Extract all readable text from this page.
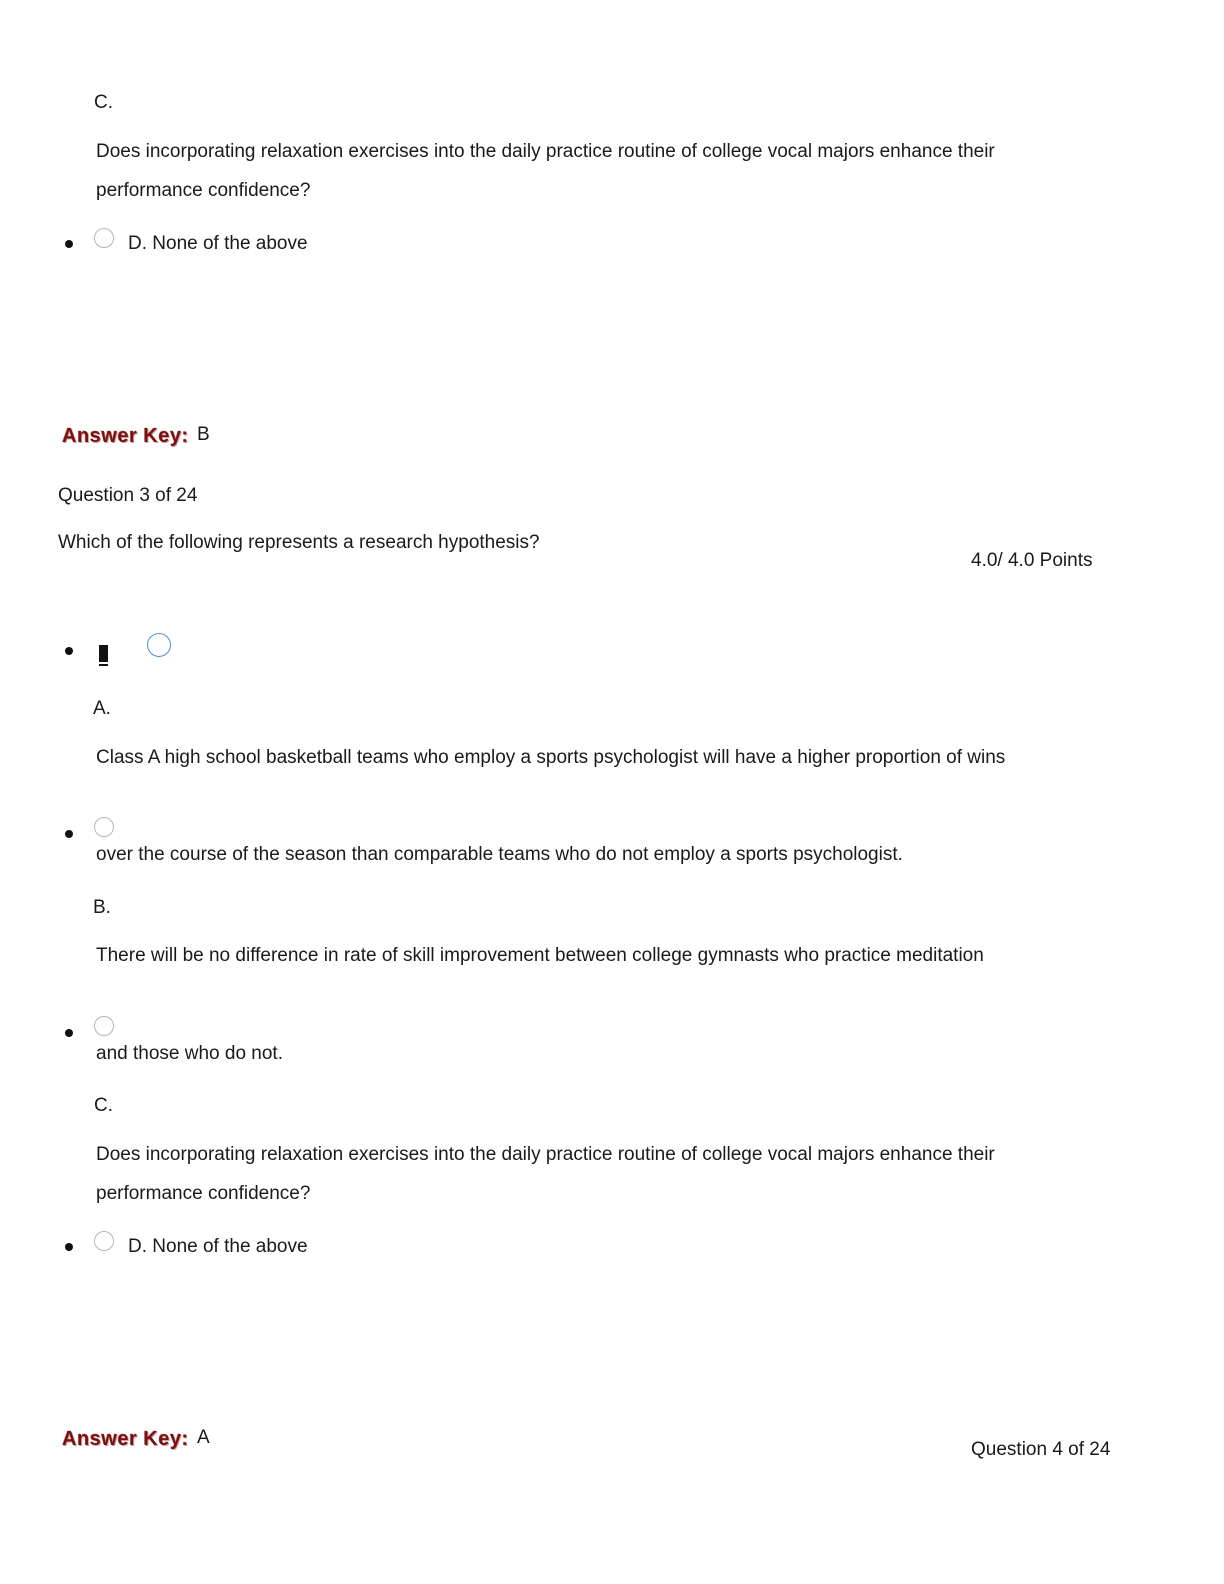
C.
Does incorporating relaxation exercises into the daily practice routine of college vocal majors enhance their
performance confidence?
D. None of the above
Answer Key: B
Question 3 of 24
Which of the following represents a research hypothesis?
4.0/ 4.0 Points
A.
Class A high school basketball teams who employ a sports psychologist will have a higher proportion of wins
over the course of the season than comparable teams who do not employ a sports psychologist.
B.
There will be no difference in rate of skill improvement between college gymnasts who practice meditation
and those who do not.
C.
Does incorporating relaxation exercises into the daily practice routine of college vocal majors enhance their
performance confidence?
D. None of the above
Answer Key: A
Question 4 of 24
